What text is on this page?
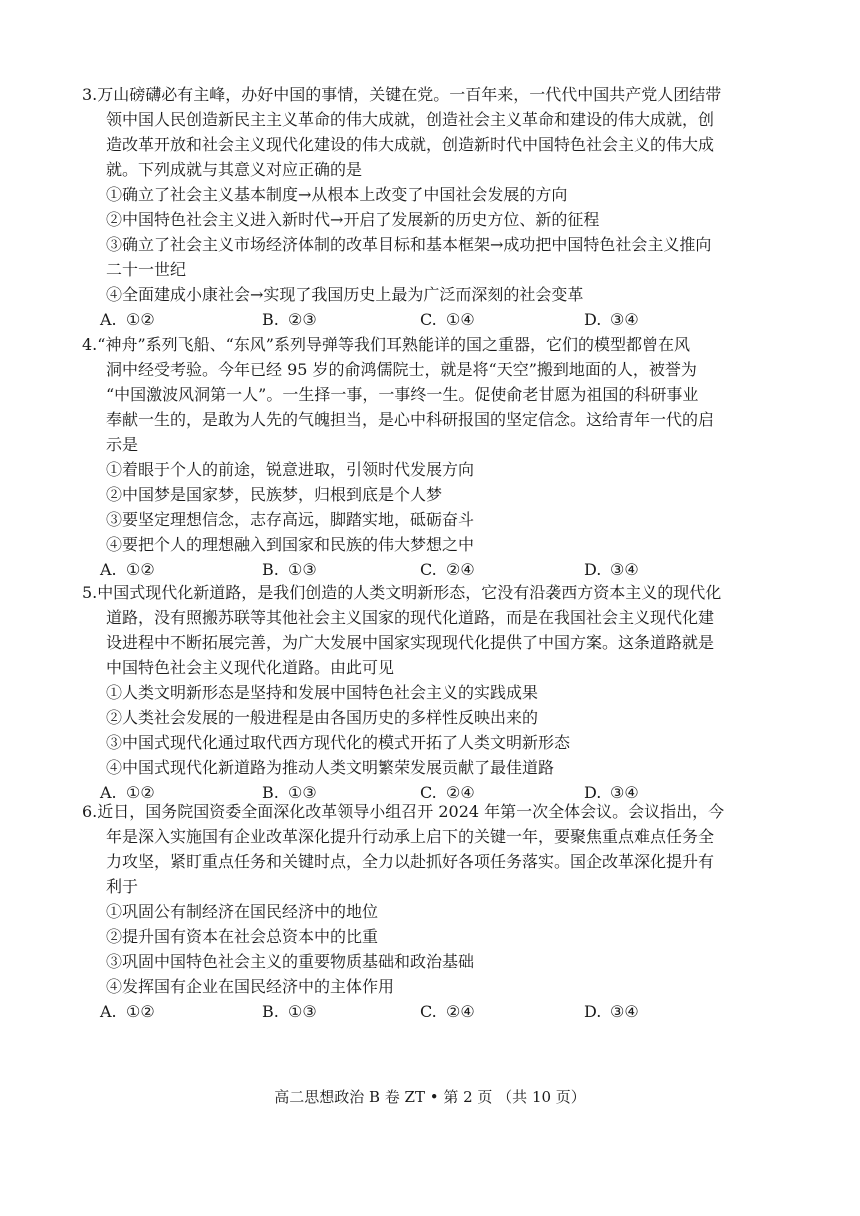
3.万山磅礴必有主峰，办好中国的事情，关键在党。一百年来，一代代中国共产党人团结带
领中国人民创造新民主主义革命的伟大成就，创造社会主义革命和建设的伟大成就，创
造改革开放和社会主义现代化建设的伟大成就，创造新时代中国特色社会主义的伟大成
就。下列成就与其意义对应正确的是
①确立了社会主义基本制度→从根本上改变了中国社会发展的方向
②中国特色社会主义进入新时代→开启了发展新的历史方位、新的征程
③确立了社会主义市场经济体制的改革目标和基本框架→成功把中国特色社会主义推向
二十一世纪
④全面建成小康社会→实现了我国历史上最为广泛而深刻的社会变革
A. ①②	B. ②③	C. ①④	D. ③④
4.“神舟”系列飞船、“东风”系列导弹等我们耳熟能详的国之重器，它们的模型都曾在风
洞中经受考验。今年已经 95 岁的俞鸿儒院士，就是将“天空”搬到地面的人，被誉为
“中国激波风洞第一人”。一生择一事，一事终一生。促使俞老甘愿为祖国的科研事业
奉献一生的，是敢为人先的气魄担当，是心中科研报国的坚定信念。这给青年一代的启
示是
①着眼于个人的前途，锐意进取，引领时代发展方向
②中国梦是国家梦，民族梦，归根到底是个人梦
③要坚定理想信念，志存高远，脚踏实地，砥砺奋斗
④要把个人的理想融入到国家和民族的伟大梦想之中
A. ①②	B. ①③	C. ②④	D. ③④
5.中国式现代化新道路，是我们创造的人类文明新形态，它没有沿袭西方资本主义的现代化
道路，没有照搬苏联等其他社会主义国家的现代化道路，而是在我国社会主义现代化建
设进程中不断拓展完善，为广大发展中国家实现现代化提供了中国方案。这条道路就是
中国特色社会主义现代化道路。由此可见
①人类文明新形态是坚持和发展中国特色社会主义的实践成果
②人类社会发展的一般进程是由各国历史的多样性反映出来的
③中国式现代化通过取代西方现代化的模式开拓了人类文明新形态
④中国式现代化新道路为推动人类文明繁荣发展贡献了最佳道路
A. ①②	B. ①③	C. ②④	D. ③④
6.近日，国务院国资委全面深化改革领导小组召开 2024 年第一次全体会议。会议指出，今
年是深入实施国有企业改革深化提升行动承上启下的关键一年，要聚焦重点难点任务全
力攻坚，紧盯重点任务和关键时点，全力以赴抓好各项任务落实。国企改革深化提升有
利于
①巩固公有制经济在国民经济中的地位
②提升国有资本在社会总资本中的比重
③巩固中国特色社会主义的重要物质基础和政治基础
④发挥国有企业在国民经济中的主体作用
A. ①②	B. ①③	C. ②④	D. ③④
高二思想政治 B 卷 ZT • 第 2 页 （共 10 页）
